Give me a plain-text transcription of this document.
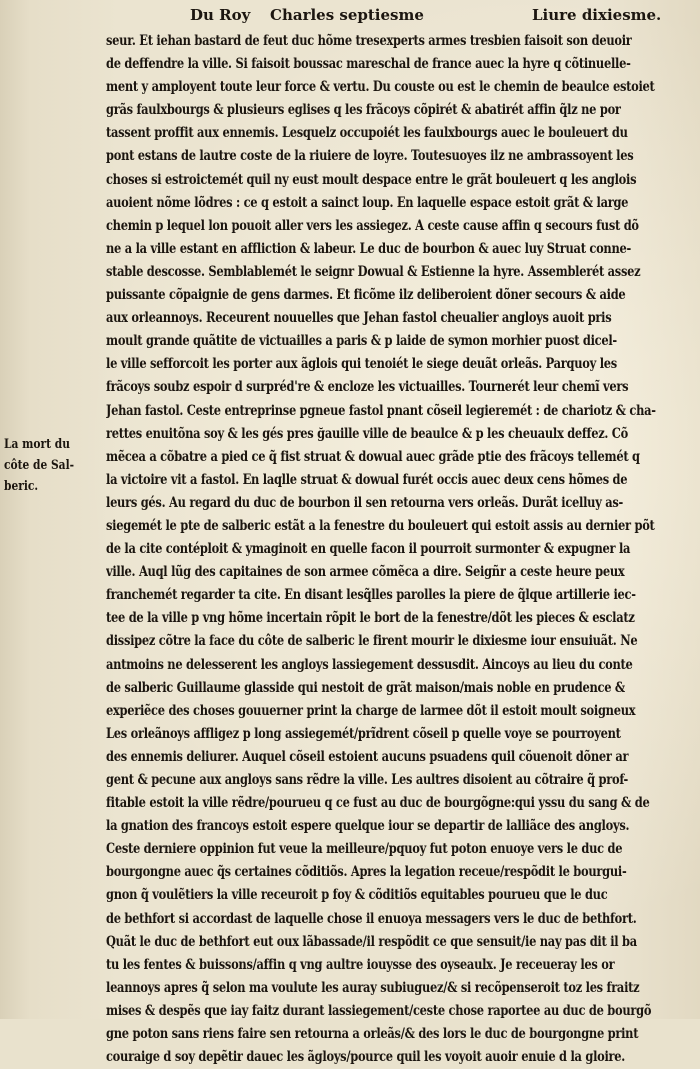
Du Roy Charles septiesme	Liure dixiesme.
La mort du
côte de Sal-
beric.
seur. Et iehan bastard de feut duc hõme tresexperts armes tresbien faisoit son deuoir
de deffendre la ville. Si faisoit boussac mareschal de france auec la hyre q cõtinuelle-
ment y amployent toute leur force & vertu. Du couste ou est le chemin de beaulce estoiet
grãs faulxbourgs & plusieurs eglises q les frãcoys cõpirét & abatirét affin q̃lz ne por
tassent proffit aux ennemis. Lesquelz occupoiét les faulxbourgs auec le bouleuert du
pont estans de lautre coste de la riuiere de loyre. Toutesuoyes ilz ne ambrassoyent les
choses si estroictemét quil ny eust moult despace entre le grãt bouleuert q les anglois
auoient nõme lõdres : ce q estoit a sainct loup. En laquelle espace estoit grãt & large
chemin p lequel lon pouoit aller vers les assiegez. A ceste cause affin q secours fust dõ
ne a la ville estant en affliction & labeur. Le duc de bourbon & auec luy Struat conne-
stable descosse. Semblablemét le seignr Dowual & Estienne la hyre. Assemblerét assez
puissante cõpaignie de gens darmes. Et ficõme ilz deliberoient dõner secours & aide
aux orleannoys. Receurent nouuelles que Jehan fastol cheualier angloys auoit pris
moult grande quãtite de victuailles a paris & p laide de symon morhier puost dicel-
le ville sefforcoit les porter aux ãglois qui tenoiét le siege deuãt orleãs. Parquoy les
frãcoys soubz espoir d surpréd're & encloze les victuailles. Tournerét leur chemĩ vers
Jehan fastol. Ceste entreprinse pgneue fastol pnant cõseil legieremét : de chariotz & cha-
rettes enuitõna soy & les gés pres ğauille ville de beaulce & p les cheuaulx deffez. Cõ
mẽcea a cõbatre a pied ce q̃ fist struat & dowual auec grãde ptie des frãcoys tellemét q
la victoire vit a fastol. En laqlle struat & dowual furét occis auec deux cens hõmes de
leurs gés. Au regard du duc de bourbon il sen retourna vers orleãs. Durãt icelluy as-
siegemét le pte de salberic estãt a la fenestre du bouleuert qui estoit assis au dernier põt
de la cite contéploit & ymaginoit en quelle facon il pourroit surmonter & expugner la
ville. Auql lũg des capitaines de son armee cõmẽca a dire. Seigñr a ceste heure peux
franchemét regarder ta cite. En disant lesq̃lles parolles la piere de q̃lque artillerie iec-
tee de la ville p vng hõme incertain rõpit le bort de la fenestre/dõt les pieces & esclatz
dissipez cõtre la face du côte de salberic le firent mourir le dixiesme iour ensuiuãt. Ne
antmoins ne delesserent les angloys lassiegement dessusdit. Aincoys au lieu du conte
de salberic Guillaume glasside qui nestoit de grãt maison/mais noble en prudence &
experiẽce des choses gouuerner print la charge de larmee dõt il estoit moult soigneux
Les orleãnoys affligez p long assiegemét/prĩdrent cõseil p quelle voye se pourroyent
des ennemis deliurer. Auquel cõseil estoient aucuns psuadens quil cõuenoit dõner ar
gent & pecune aux angloys sans rẽdre la ville. Les aultres disoient au cõtraire q̃ prof-
fitable estoit la ville rẽdre/pourueu q ce fust au duc de bourgõgne:qui yssu du sang & de
la gnation des francoys estoit espere quelque iour se departir de lalliãce des angloys.
Ceste derniere oppinion fut veue la meilleure/pquoy fut poton enuoye vers le duc de
bourgongne auec q̃s certaines cõditiõs. Apres la legation receue/respõdit le bourgui-
gnon q̃ voulẽtiers la ville receuroit p foy & cõditiõs equitables pourueu que le duc
de bethfort si accordast de laquelle chose il enuoya messagers vers le duc de bethfort.
Quãt le duc de bethfort eut oux lãbassade/il respõdit ce que sensuit/ie nay pas dit il ba
tu les fentes & buissons/affin q vng aultre iouysse des oyseaulx. Je receueray les or
leannoys apres q̃ selon ma voulute les auray subiuguez/& si recõpenseroit toz les fraitz
mises & despẽs que iay faitz durant lassiegement/ceste chose raportee au duc de bourgõ
gne poton sans riens faire sen retourna a orleãs/& des lors le duc de bourgongne print
couraige d soy depẽtir dauec les ãgloys/pource quil les voyoit auoir enuie d la gloire.
